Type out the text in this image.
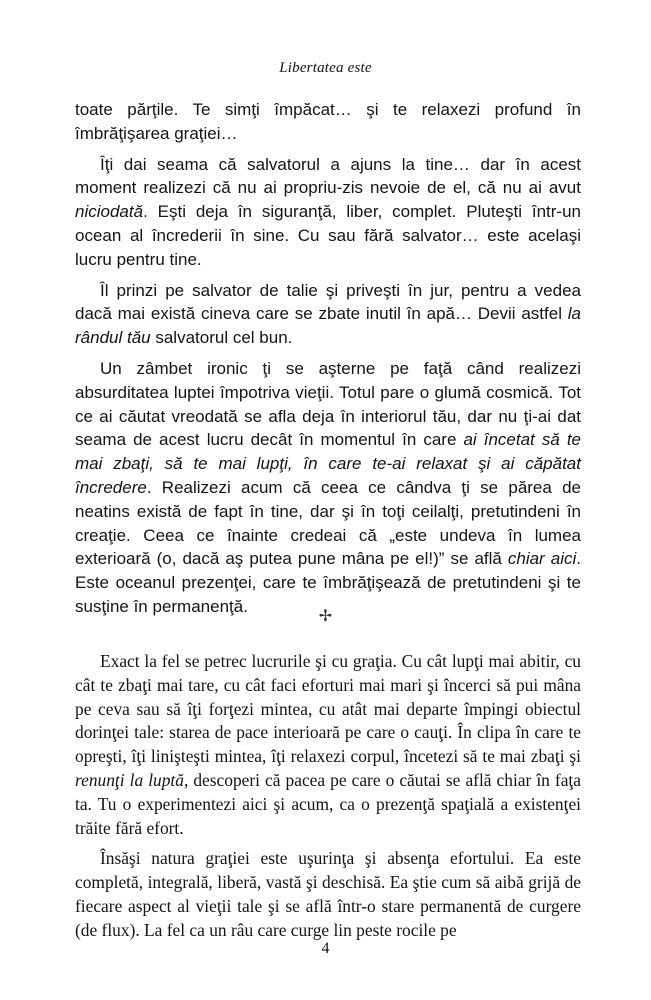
Libertatea este

toate părţile. Te simţi împăcat… şi te relaxezi profund în îmbrăţişarea graţiei…

Îţi dai seama că salvatorul a ajuns la tine… dar în acest moment realizezi că nu ai propriu-zis nevoie de el, că nu ai avut niciodată. Eşti deja în siguranţă, liber, complet. Pluteşti într-un ocean al încrederii în sine. Cu sau fără salvator… este acelaşi lucru pentru tine.

Îl prinzi pe salvator de talie şi priveşti în jur, pentru a vedea dacă mai există cineva care se zbate inutil în apă… Devii astfel la rândul tău salvatorul cel bun.

Un zâmbet ironic ţi se aşterne pe faţă când realizezi absurditatea luptei împotriva vieţii. Totul pare o glumă cosmică. Tot ce ai căutat vreodată se afla deja în interiorul tău, dar nu ţi-ai dat seama de acest lucru decât în momentul în care ai încetat să te mai zbaţi, să te mai lupţi, în care te-ai relaxat şi ai căpătat încredere. Realizezi acum că ceea ce cândva ţi se părea de neatins există de fapt în tine, dar şi în toţi ceilalţi, pretutindeni în creaţie. Ceea ce înainte credeai că „este undeva în lumea exterioară (o, dacă aş putea pune mâna pe el!)” se află chiar aici. Este oceanul prezenţei, care te îmbrăţişează de pretutindeni şi te susţine în permanenţă.	✢

Exact la fel se petrec lucrurile şi cu graţia. Cu cât lupţi mai abitir, cu cât te zbaţi mai tare, cu cât faci eforturi mai mari şi încerci să pui mâna pe ceva sau să îţi forţezi mintea, cu atât mai departe împingi obiectul dorinţei tale: starea de pace interioară pe care o cauţi. În clipa în care te opreşti, îţi linişteşti mintea, îţi relaxezi corpul, încetezi să te mai zbaţi şi renunţi la luptă, descoperi că pacea pe care o căutai se află chiar în faţa ta. Tu o experimentezi aici şi acum, ca o prezenţă spaţială a existenţei trăite fără efort.

Însăşi natura graţiei este uşurinţa şi absenţa efortului. Ea este completă, integrală, liberă, vastă şi deschisă. Ea ştie cum să aibă grijă de fiecare aspect al vieţii tale şi se află într-o stare permanentă de curgere (de flux). La fel ca un râu care curge lin peste rocile pe

4
